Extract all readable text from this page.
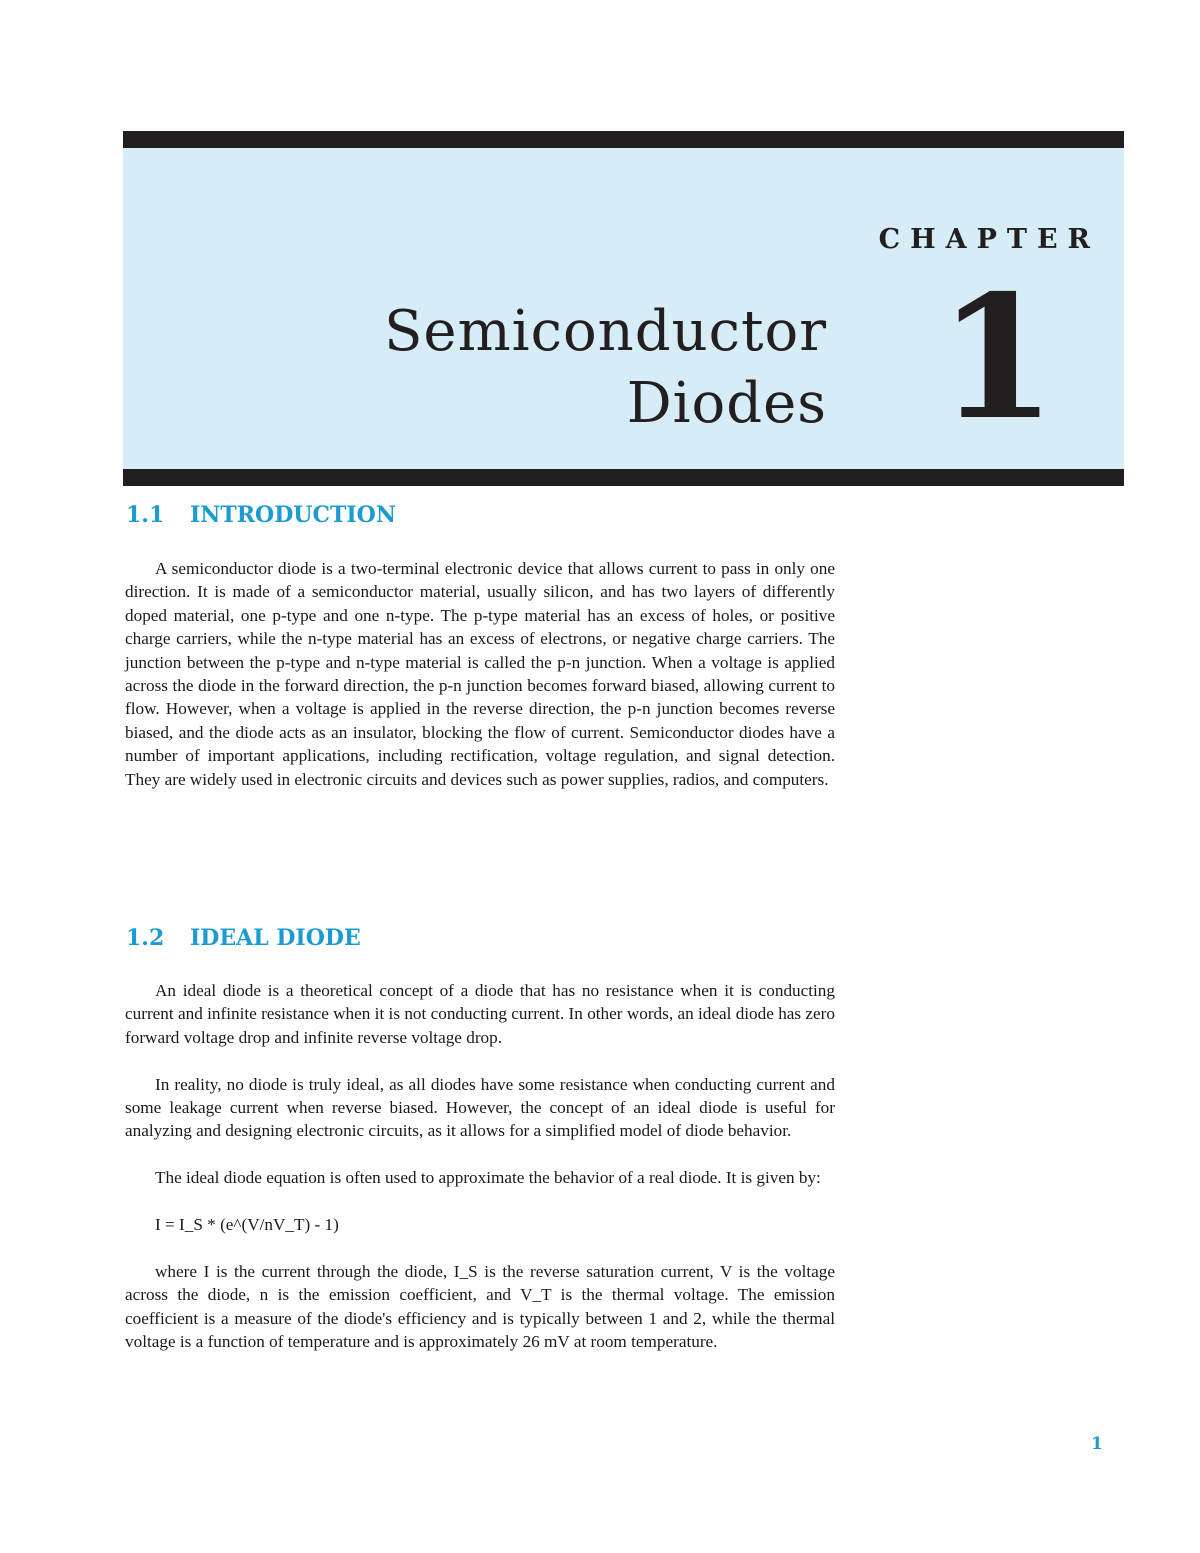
CHAPTER
Semiconductor
Diodes 1
1.1 INTRODUCTION

A semiconductor diode is a two-terminal electronic device that allows current to pass in only one direction. It is made of a semiconductor material, usually silicon, and has two layers of differently doped material, one p-type and one n-type. The p-type material has an excess of holes, or positive charge carriers, while the n-type material has an excess of electrons, or negative charge carriers. The junction between the p-type and n-type material is called the p-n junction. When a voltage is applied across the diode in the forward direction, the p-n junction becomes forward biased, allowing current to flow. However, when a voltage is applied in the reverse direction, the p-n junction becomes reverse biased, and the diode acts as an insulator, blocking the flow of current. Semiconductor diodes have a number of important applications, including rectification, voltage regulation, and signal detection. They are widely used in electronic circuits and devices such as power supplies, radios, and computers.

1.2 IDEAL DIODE

An ideal diode is a theoretical concept of a diode that has no resistance when it is conducting current and infinite resistance when it is not conducting current. In other words, an ideal diode has zero forward voltage drop and infinite reverse voltage drop.

In reality, no diode is truly ideal, as all diodes have some resistance when conducting current and some leakage current when reverse biased. However, the concept of an ideal diode is useful for analyzing and designing electronic circuits, as it allows for a simplified model of diode behavior.

The ideal diode equation is often used to approximate the behavior of a real diode. It is given by:

I = I_S * (e^(V/nV_T) - 1)

where I is the current through the diode, I_S is the reverse saturation current, V is the voltage across the diode, n is the emission coefficient, and V_T is the thermal voltage. The emission coefficient is a measure of the diode's efficiency and is typically between 1 and 2, while the thermal voltage is a function of temperature and is approximately 26 mV at room temperature.

1
